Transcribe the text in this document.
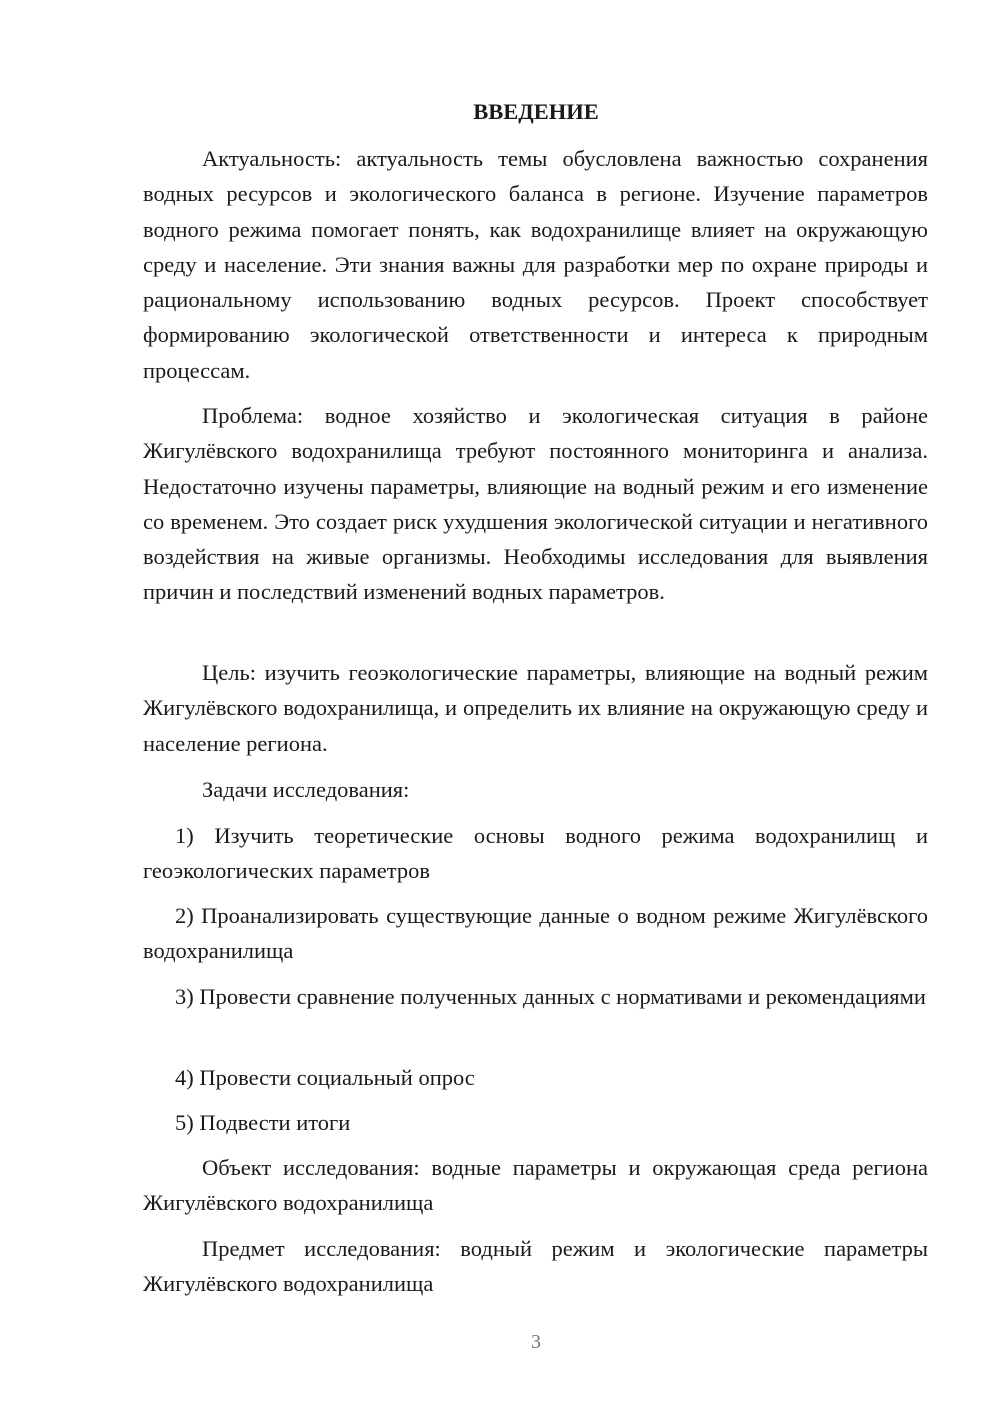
ВВЕДЕНИЕ
Актуальность: актуальность темы обусловлена важностью сохранения водных ресурсов и экологического баланса в регионе. Изучение параметров водного режима помогает понять, как водохранилище влияет на окружающую среду и население. Эти знания важны для разработки мер по охране природы и рациональному использованию водных ресурсов. Проект способствует формированию экологической ответственности и интереса к природным процессам.
Проблема: водное хозяйство и экологическая ситуация в районе Жигулёвского водохранилища требуют постоянного мониторинга и анализа. Недостаточно изучены параметры, влияющие на водный режим и его изменение со временем. Это создает риск ухудшения экологической ситуации и негативного воздействия на живые организмы. Необходимы исследования для выявления причин и последствий изменений водных параметров.
Цель: изучить геоэкологические параметры, влияющие на водный режим Жигулёвского водохранилища, и определить их влияние на окружающую среду и население региона.
Задачи исследования:
1) Изучить теоретические основы водного режима водохранилищ и геоэкологических параметров
2) Проанализировать существующие данные о водном режиме Жигулёвского водохранилища
3) Провести сравнение полученных данных с нормативами и рекомендациями
4) Провести социальный опрос
5) Подвести итоги
Объект исследования: водные параметры и окружающая среда региона Жигулёвского водохранилища
Предмет исследования: водный режим и экологические параметры Жигулёвского водохранилища
3
